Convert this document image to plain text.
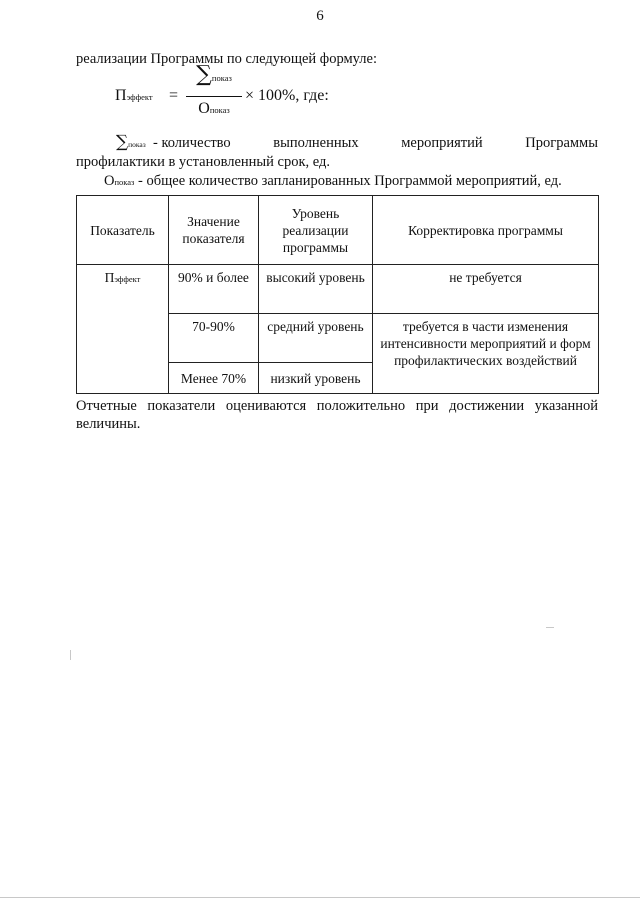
6
реализации Программы по следующей формуле:
Пэффект =
∑показ
Опоказ
× 100%, где:
∑показ - количество	выполненных	мероприятий	Программы
профилактики в установленный срок, ед.
Опоказ - общее количество запланированных Программой мероприятий, ед.
Показатель	Значение показателя	Уровень реализации программы	Корректировка программы
Пэффект	90% и более	высокий уровень	не требуется
	70-90%	средний уровень	требуется в части изменения интенсивности мероприятий и форм профилактических воздействий
	Менее 70%	низкий уровень	
Отчетные показатели оцениваются положительно при достижении указанной
величины.
